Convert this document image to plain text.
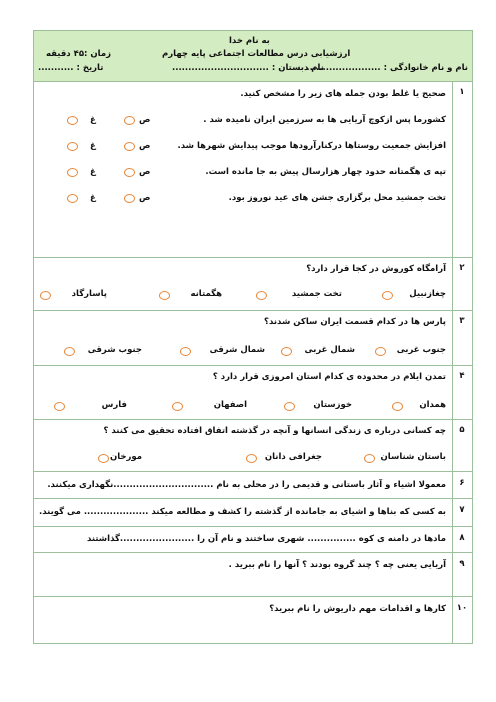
به نام خدا
ارزشیابی درس مطالعات اجتماعی پایه چهارم
زمان :۴۵ دقیقه
نام و نام خانوادگی : .......................
نام دبستان : ..............................
تاریخ : ...........
۱
صحیح یا غلط بودن جمله های زیر را مشخص کنید.
کشورما پس ازکوچ آریایی ها به سرزمین ایران نامیده شد .
ص
غ
افزایش جمعیت روستاها درکنارآرودها موجب پیدایش شهرها شد.
ص
غ
تپه ی هگمتانه حدود چهار هزارسال پیش به جا مانده است.
ص
غ
تخت جمشید محل برگزاری جشن های عید نوروز بود.
ص
غ
۲
آرامگاه کوروش در کجا قرار دارد؟
چغازنبیل
تخت جمشید
هگمتانه
پاسارگاد
۳
پارس ها در کدام قسمت ایران ساکن شدند؟
جنوب غربی
شمال غربی
شمال شرقی
جنوب شرقی
۴
تمدن ایلام در محدوده ی کدام استان امروزی قرار دارد ؟
همدان
خوزستان
اصفهان
فارس
۵
چه کسانی درباره ی زندگی انسانها و آنچه در گذشته اتفاق افتاده تحقیق می کنند ؟
باستان شناسان
جغرافی دانان
مورخان
۶
معمولا اشیاء و آثار باستانی و قدیمی را در محلی به نام ...............................نگهداری میکنند.
۷
به کسی که بناها و اشیای به جامانده از گذشته را کشف و مطالعه میکند .................... می گویند.
۸
مادها در دامنه ی کوه ............... شهری ساختند و نام آن را .......................گذاشتند
۹
آریایی یعنی چه ؟ چند گروه بودند ؟ آنها را نام ببرید .
۱۰
کارها و اقدامات مهم داریوش را نام ببرید؟
